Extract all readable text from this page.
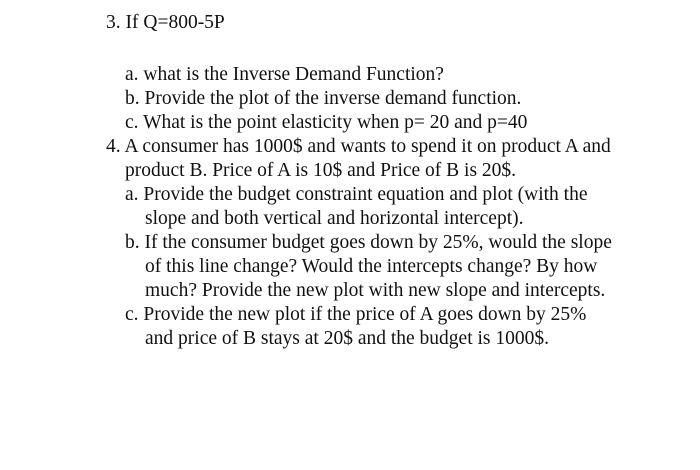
3. If Q=800-5P
a. what is the Inverse Demand Function?
b. Provide the plot of the inverse demand function.
c. What is the point elasticity when p= 20 and p=40
4. A consumer has 1000$ and wants to spend it on product A and
product B. Price of A is 10$ and Price of B is 20$.
a. Provide the budget constraint equation and plot (with the
slope and both vertical and horizontal intercept).
b. If the consumer budget goes down by 25%, would the slope
of this line change? Would the intercepts change? By how
much? Provide the new plot with new slope and intercepts.
c. Provide the new plot if the price of A goes down by 25%
and price of B stays at 20$ and the budget is 1000$.
